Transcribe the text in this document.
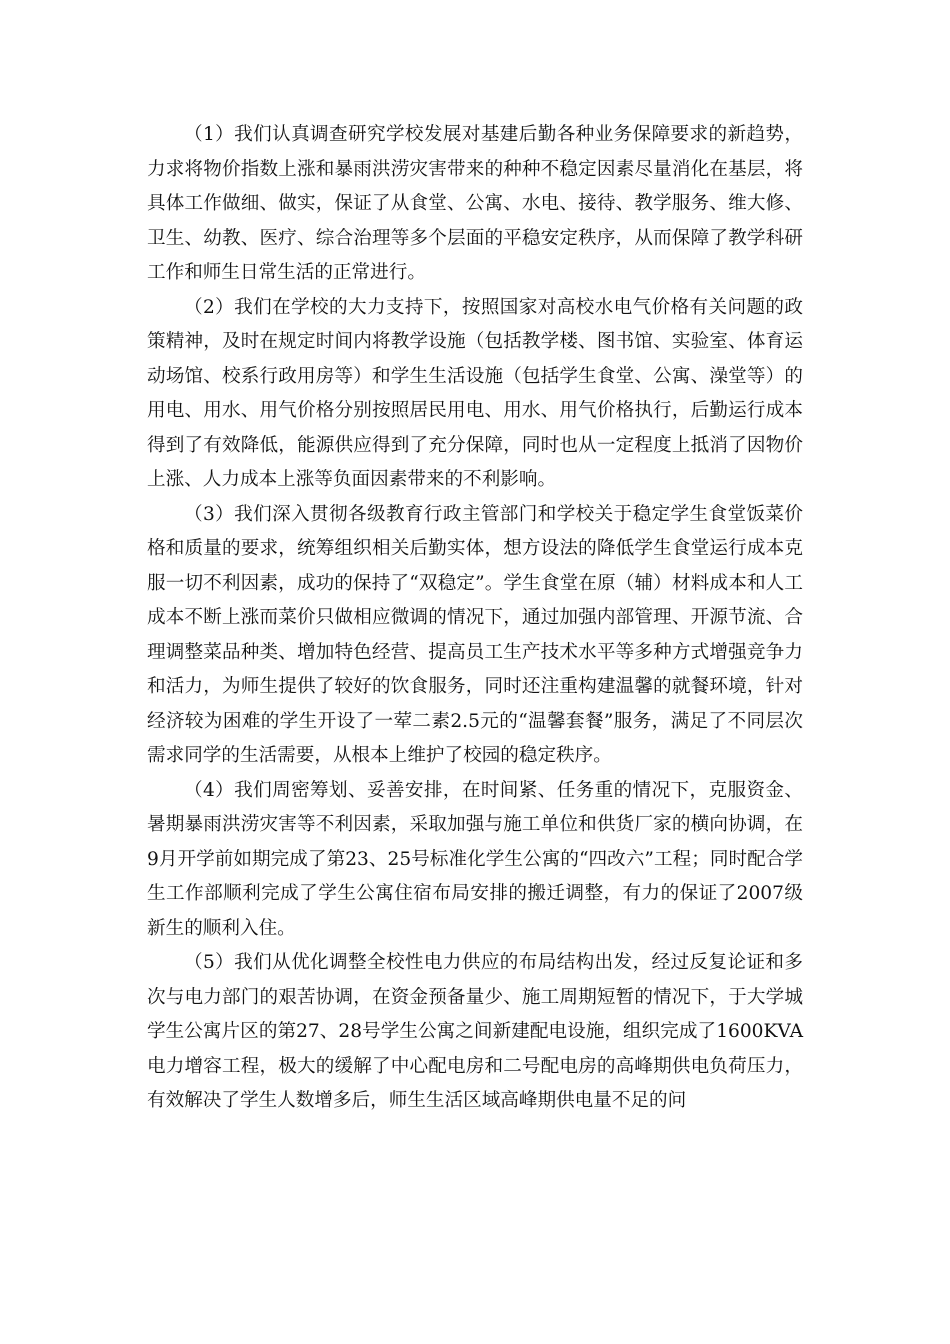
（1）我们认真调查研究学校发展对基建后勤各种业务保障要求的新趋势，力求将物价指数上涨和暴雨洪涝灾害带来的种种不稳定因素尽量消化在基层，将具体工作做细、做实，保证了从食堂、公寓、水电、接待、教学服务、维大修、卫生、幼教、医疗、综合治理等多个层面的平稳安定秩序，从而保障了教学科研工作和师生日常生活的正常进行。

（2）我们在学校的大力支持下，按照国家对高校水电气价格有关问题的政策精神，及时在规定时间内将教学设施（包括教学楼、图书馆、实验室、体育运动场馆、校系行政用房等）和学生生活设施（包括学生食堂、公寓、澡堂等）的用电、用水、用气价格分别按照居民用电、用水、用气价格执行，后勤运行成本得到了有效降低，能源供应得到了充分保障，同时也从一定程度上抵消了因物价上涨、人力成本上涨等负面因素带来的不利影响。

（3）我们深入贯彻各级教育行政主管部门和学校关于稳定学生食堂饭菜价格和质量的要求，统筹组织相关后勤实体，想方设法的降低学生食堂运行成本克服一切不利因素，成功的保持了“双稳定”。学生食堂在原（辅）材料成本和人工成本不断上涨而菜价只做相应微调的情况下，通过加强内部管理、开源节流、合理调整菜品种类、增加特色经营、提高员工生产技术水平等多种方式增强竞争力和活力，为师生提供了较好的饮食服务，同时还注重构建温馨的就餐环境，针对经济较为困难的学生开设了一荤二素2.5元的“温馨套餐”服务，满足了不同层次需求同学的生活需要，从根本上维护了校园的稳定秩序。

（4）我们周密筹划、妥善安排，在时间紧、任务重的情况下，克服资金、暑期暴雨洪涝灾害等不利因素，采取加强与施工单位和供货厂家的横向协调，在9月开学前如期完成了第23、25号标准化学生公寓的“四改六”工程；同时配合学生工作部顺利完成了学生公寓住宿布局安排的搬迁调整，有力的保证了2007级新生的顺利入住。

（5）我们从优化调整全校性电力供应的布局结构出发，经过反复论证和多次与电力部门的艰苦协调，在资金预备量少、施工周期短暂的情况下，于大学城学生公寓片区的第27、28号学生公寓之间新建配电设施，组织完成了1600KVA电力增容工程，极大的缓解了中心配电房和二号配电房的高峰期供电负荷压力，有效解决了学生人数增多后，师生生活区域高峰期供电量不足的问
